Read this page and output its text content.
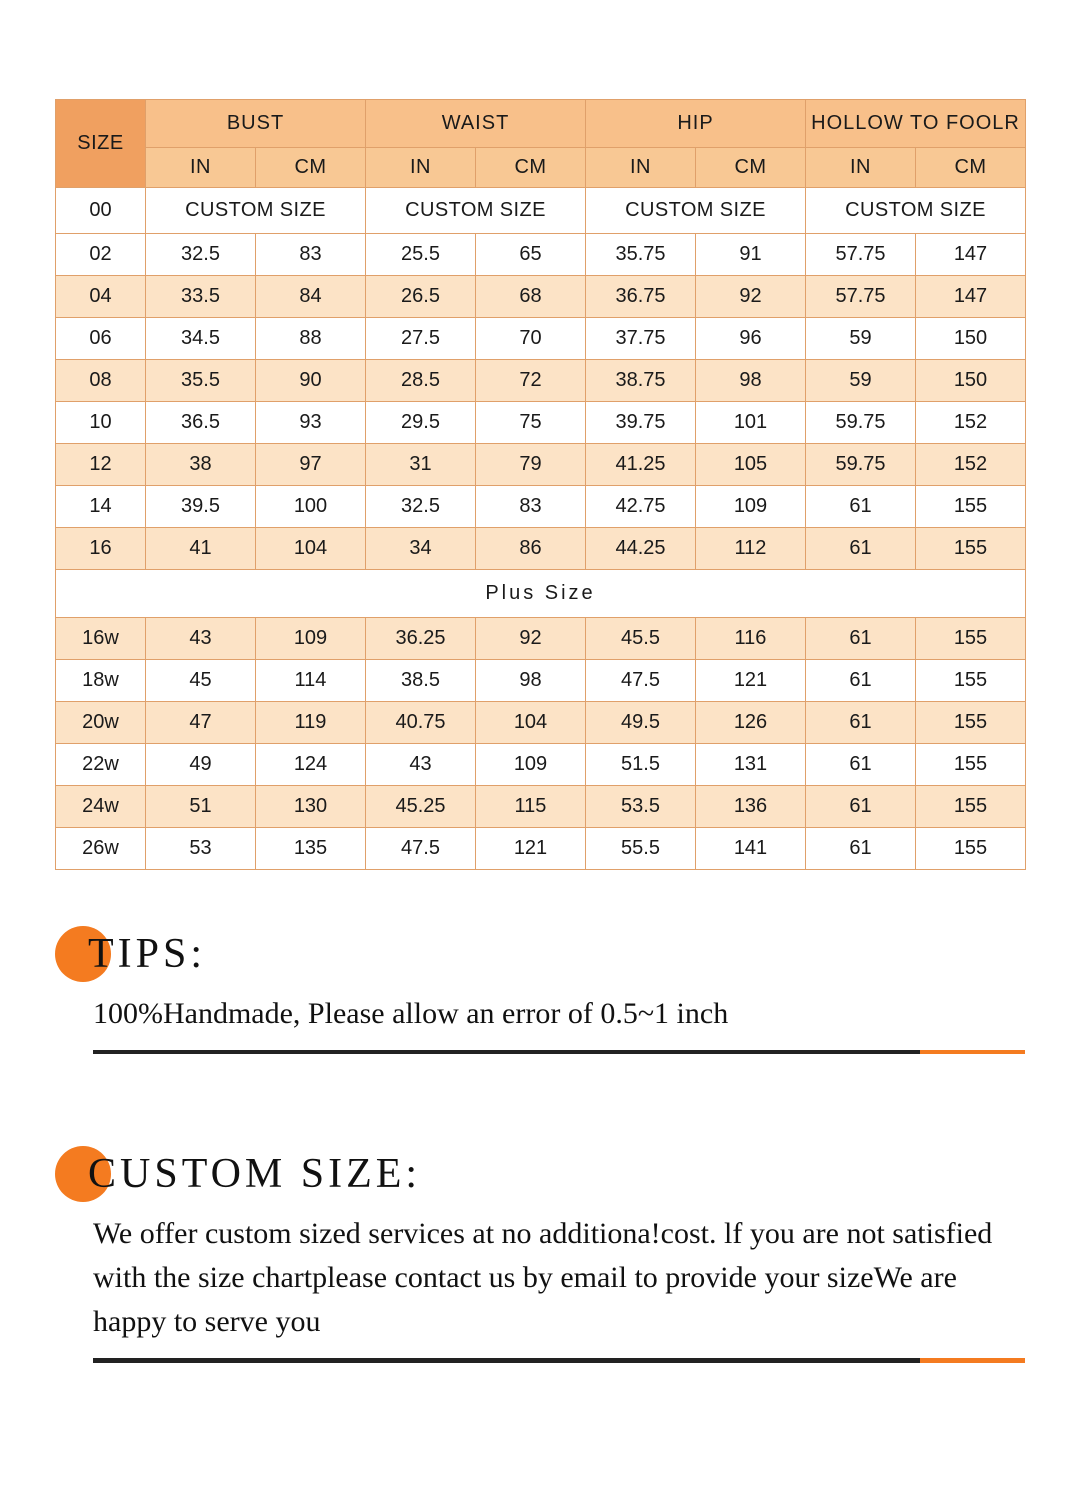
SIZE	BUST		WAIST		HIP		HOLLOW TO FOOLR	
	IN	CM	IN	CM	IN	CM	IN	CM
00	CUSTOM SIZE		CUSTOM SIZE		CUSTOM SIZE		CUSTOM SIZE	
02	32.5	83	25.5	65	35.75	91	57.75	147
04	33.5	84	26.5	68	36.75	92	57.75	147
06	34.5	88	27.5	70	37.75	96	59	150
08	35.5	90	28.5	72	38.75	98	59	150
10	36.5	93	29.5	75	39.75	101	59.75	152
12	38	97	31	79	41.25	105	59.75	152
14	39.5	100	32.5	83	42.75	109	61	155
16	41	104	34	86	44.25	112	61	155
Plus Size								
16w	43	109	36.25	92	45.5	116	61	155
18w	45	114	38.5	98	47.5	121	61	155
20w	47	119	40.75	104	49.5	126	61	155
22w	49	124	43	109	51.5	131	61	155
24w	51	130	45.25	115	53.5	136	61	155
26w	53	135	47.5	121	55.5	141	61	155
TIPS:
100%Handmade, Please allow an error of 0.5~1 inch
CUSTOM SIZE:
We offer custom sized services at no additiona!cost. lf you are not satisfied with the size chartplease contact us by email to provide your sizeWe are happy to serve you
